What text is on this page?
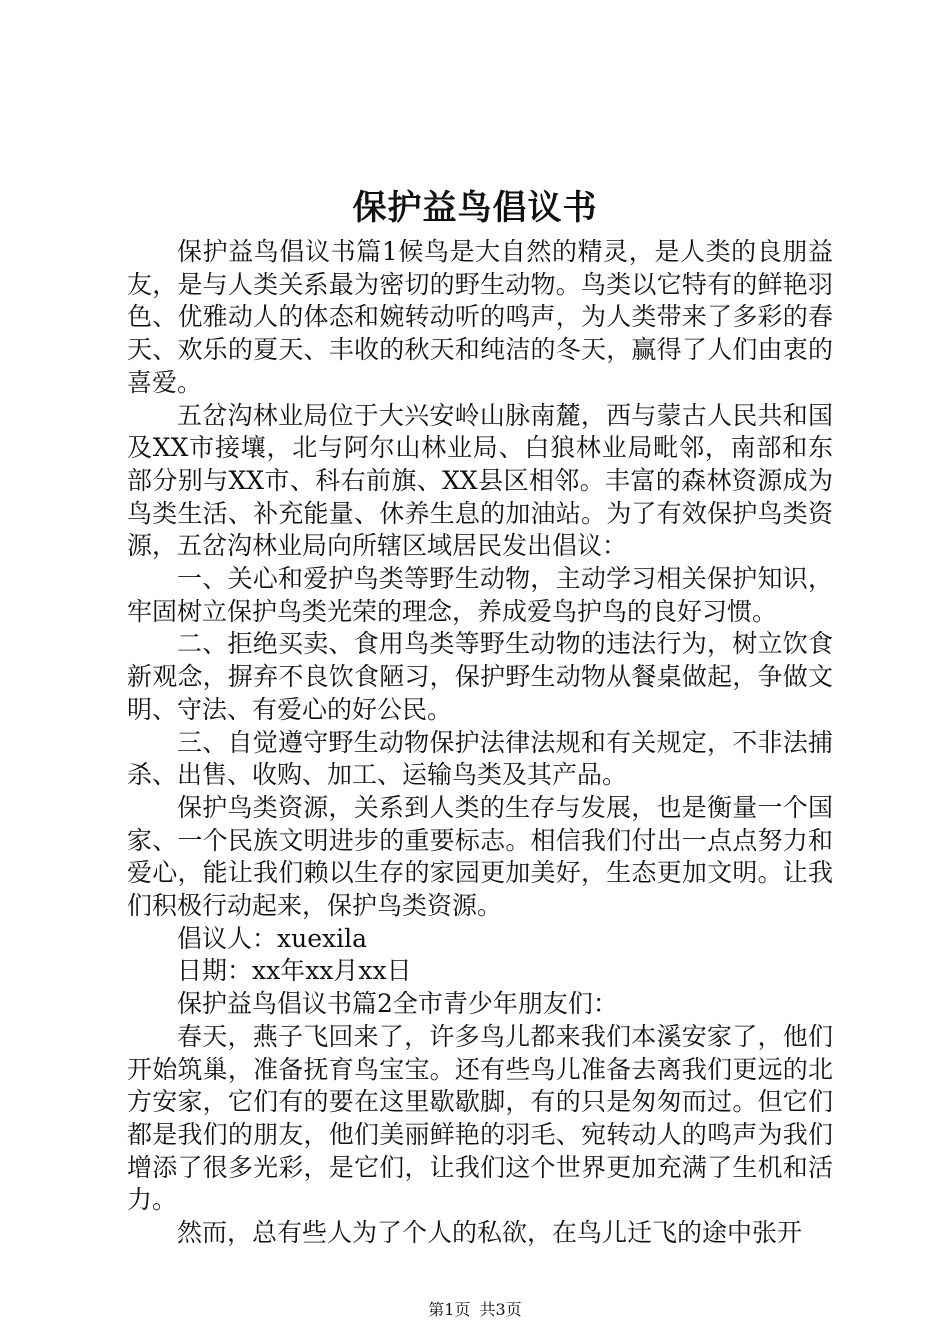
保护益鸟倡议书

保护益鸟倡议书篇1候鸟是大自然的精灵，是人类的良朋益友，是与人类关系最为密切的野生动物。鸟类以它特有的鲜艳羽色、优雅动人的体态和婉转动听的鸣声，为人类带来了多彩的春天、欢乐的夏天、丰收的秋天和纯洁的冬天，赢得了人们由衷的喜爱。

五岔沟林业局位于大兴安岭山脉南麓，西与蒙古人民共和国及XX市接壤，北与阿尔山林业局、白狼林业局毗邻，南部和东部分别与XX市、科右前旗、XX县区相邻。丰富的森林资源成为鸟类生活、补充能量、休养生息的加油站。为了有效保护鸟类资源，五岔沟林业局向所辖区域居民发出倡议：

一、关心和爱护鸟类等野生动物，主动学习相关保护知识，牢固树立保护鸟类光荣的理念，养成爱鸟护鸟的良好习惯。

二、拒绝买卖、食用鸟类等野生动物的违法行为，树立饮食新观念，摒弃不良饮食陋习，保护野生动物从餐桌做起，争做文明、守法、有爱心的好公民。

三、自觉遵守野生动物保护法律法规和有关规定，不非法捕杀、出售、收购、加工、运输鸟类及其产品。

保护鸟类资源，关系到人类的生存与发展，也是衡量一个国家、一个民族文明进步的重要标志。相信我们付出一点点努力和爱心，能让我们赖以生存的家园更加美好，生态更加文明。让我们积极行动起来，保护鸟类资源。

倡议人：xuexila

日期：xx年xx月xx日

保护益鸟倡议书篇2全市青少年朋友们：

春天，燕子飞回来了，许多鸟儿都来我们本溪安家了，他们开始筑巢，准备抚育鸟宝宝。还有些鸟儿准备去离我们更远的北方安家，它们有的要在这里歇歇脚，有的只是匆匆而过。但它们都是我们的朋友，他们美丽鲜艳的羽毛、宛转动人的鸣声为我们增添了很多光彩，是它们，让我们这个世界更加充满了生机和活力。

然而，总有些人为了个人的私欲，在鸟儿迁飞的途中张开

第1页 共3页
